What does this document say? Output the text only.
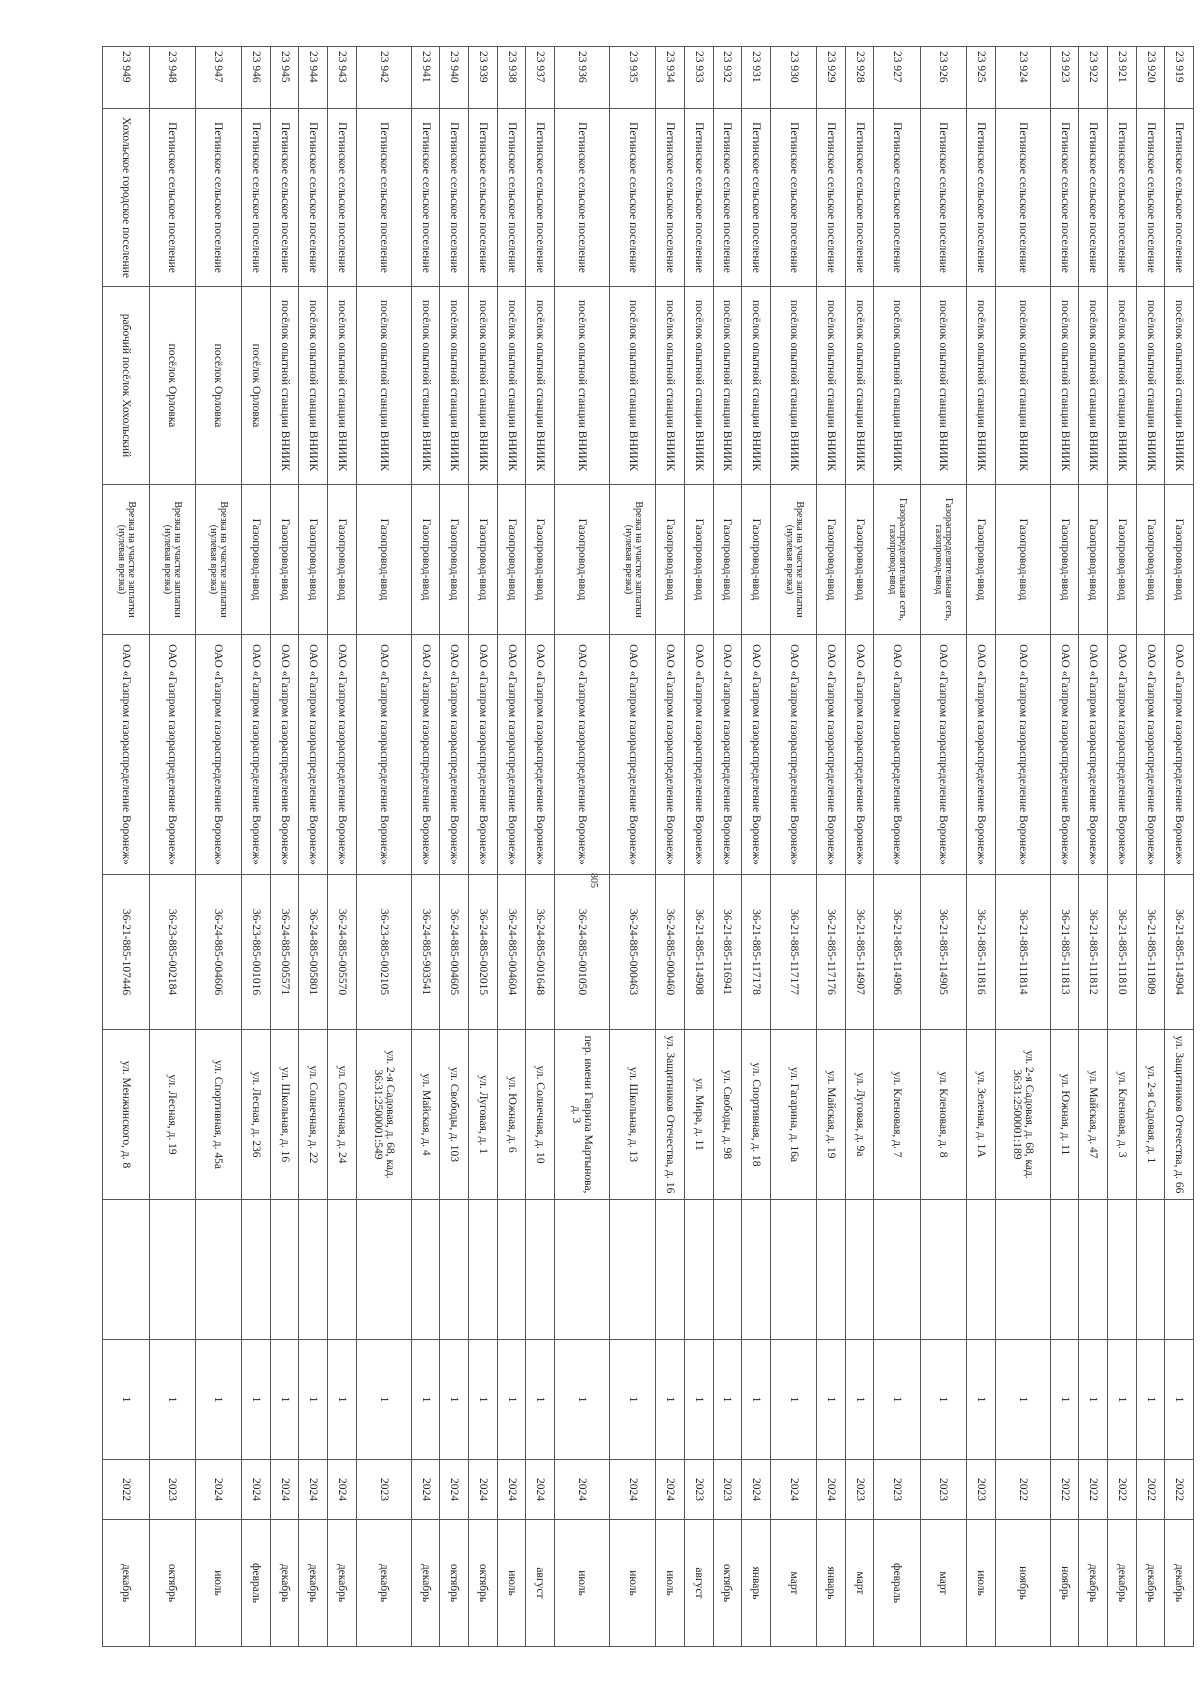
805
23 919	Петинское сельское поселение	посёлок опытной станции ВНИИК	Газопровод-ввод	ОАО «Газпром газораспределение Воронеж»	36-21-885-114904	ул. Защитников Отечества, д. 66		1	2022	декабрь
23 920	Петинское сельское поселение	посёлок опытной станции ВНИИК	Газопровод-ввод	ОАО «Газпром газораспределение Воронеж»	36-21-885-111809	ул. 2-я Садовая, д. 1		1	2022	декабрь
23 921	Петинское сельское поселение	посёлок опытной станции ВНИИК	Газопровод-ввод	ОАО «Газпром газораспределение Воронеж»	36-21-885-111810	ул. Кленовая, д. 3		1	2022	декабрь
23 922	Петинское сельское поселение	посёлок опытной станции ВНИИК	Газопровод-ввод	ОАО «Газпром газораспределение Воронеж»	36-21-885-111812	ул. Майская, д. 47		1	2022	декабрь
23 923	Петинское сельское поселение	посёлок опытной станции ВНИИК	Газопровод-ввод	ОАО «Газпром газораспределение Воронеж»	36-21-885-111813	ул. Южная, д. 11		1	2022	ноябрь
23 924	Петинское сельское поселение	посёлок опытной станции ВНИИК	Газопровод-ввод	ОАО «Газпром газораспределение Воронеж»	36-21-885-111814	ул. 2-я Садовая, д. 68, кад. 36:31:2500001:189		1	2022	ноябрь
23 925	Петинское сельское поселение	посёлок опытной станции ВНИИК	Газопровод-ввод	ОАО «Газпром газораспределение Воронеж»	36-21-885-111816	ул. Зеленая, д. 1А		1	2023	июль
23 926	Петинское сельское поселение	посёлок опытной станции ВНИИК	Газораспределительная сеть, газопровод-ввод	ОАО «Газпром газораспределение Воронеж»	36-21-885-114905	ул. Кленовая, д. 8		1	2023	март
23 927	Петинское сельское поселение	посёлок опытной станции ВНИИК	Газораспределительная сеть, газопровод-ввод	ОАО «Газпром газораспределение Воронеж»	36-21-885-114906	ул. Кленовая, д. 7		1	2023	февраль
23 928	Петинское сельское поселение	посёлок опытной станции ВНИИК	Газопровод-ввод	ОАО «Газпром газораспределение Воронеж»	36-21-885-114907	ул. Луговая, д. 9а		1	2023	март
23 929	Петинское сельское поселение	посёлок опытной станции ВНИИК	Газопровод-ввод	ОАО «Газпром газораспределение Воронеж»	36-21-885-117176	ул. Майская, д. 19		1	2024	январь
23 930	Петинское сельское поселение	посёлок опытной станции ВНИИК	Врезка на участке заплатки (нулевая врезка)	ОАО «Газпром газораспределение Воронеж»	36-21-885-117177	ул. Гагарина, д. 16а		1	2024	март
23 931	Петинское сельское поселение	посёлок опытной станции ВНИИК	Газопровод-ввод	ОАО «Газпром газораспределение Воронеж»	36-21-885-117178	ул. Спортивная, д. 18		1	2024	январь
23 932	Петинское сельское поселение	посёлок опытной станции ВНИИК	Газопровод-ввод	ОАО «Газпром газораспределение Воронеж»	36-21-885-116941	ул. Свободы, д. 98		1	2023	октябрь
23 933	Петинское сельское поселение	посёлок опытной станции ВНИИК	Газопровод-ввод	ОАО «Газпром газораспределение Воронеж»	36-21-885-114908	ул. Мира, д. 11		1	2023	август
23 934	Петинское сельское поселение	посёлок опытной станции ВНИИК	Газопровод-ввод	ОАО «Газпром газораспределение Воронеж»	36-24-885-000460	ул. Защитников Отечества, д. 16		1	2024	июль
23 935	Петинское сельское поселение	посёлок опытной станции ВНИИК	Врезка на участке заплатки (нулевая врезка)	ОАО «Газпром газораспределение Воронеж»	36-24-885-000463	ул. Школьная, д. 13		1	2024	июль
23 936	Петинское сельское поселение	посёлок опытной станции ВНИИК	Газопровод-ввод	ОАО «Газпром газораспределение Воронеж»	36-24-885-001050	пер. имени Гаврила Мартынова, д. 3		1	2024	июль
23 937	Петинское сельское поселение	посёлок опытной станции ВНИИК	Газопровод-ввод	ОАО «Газпром газораспределение Воронеж»	36-24-885-001648	ул. Солнечная, д. 10		1	2024	август
23 938	Петинское сельское поселение	посёлок опытной станции ВНИИК	Газопровод-ввод	ОАО «Газпром газораспределение Воронеж»	36-24-885-004604	ул. Южная, д. 6		1	2024	июль
23 939	Петинское сельское поселение	посёлок опытной станции ВНИИК	Газопровод-ввод	ОАО «Газпром газораспределение Воронеж»	36-24-885-002015	ул. Луговая, д. 1		1	2024	октябрь
23 940	Петинское сельское поселение	посёлок опытной станции ВНИИК	Газопровод-ввод	ОАО «Газпром газораспределение Воронеж»	36-24-885-004605	ул. Свободы, д. 103		1	2024	октябрь
23 941	Петинское сельское поселение	посёлок опытной станции ВНИИК	Газопровод-ввод	ОАО «Газпром газораспределение Воронеж»	36-24-885-903541	ул. Майская, д. 4		1	2024	декабрь
23 942	Петинское сельское поселение	посёлок опытной станции ВНИИК	Газопровод-ввод	ОАО «Газпром газораспределение Воронеж»	36-23-885-002105	ул. 2-я Садовая, д. 68, кад. 36:31:2500001:549		1	2023	декабрь
23 943	Петинское сельское поселение	посёлок опытной станции ВНИИК	Газопровод-ввод	ОАО «Газпром газораспределение Воронеж»	36-24-885-005570	ул. Солнечная, д. 24		1	2024	декабрь
23 944	Петинское сельское поселение	посёлок опытной станции ВНИИК	Газопровод-ввод	ОАО «Газпром газораспределение Воронеж»	36-24-885-005801	ул. Солнечная, д. 22		1	2024	декабрь
23 945	Петинское сельское поселение	посёлок опытной станции ВНИИК	Газопровод-ввод	ОАО «Газпром газораспределение Воронеж»	36-24-885-005571	ул. Школьная, д. 16		1	2024	декабрь
23 946	Петинское сельское поселение	посёлок Орловка	Газопровод-ввод	ОАО «Газпром газораспределение Воронеж»	36-23-885-001016	ул. Лесная, д. 236		1	2024	февраль
23 947	Петинское сельское поселение	посёлок Орловка	Врезка на участке заплатки (нулевая врезка)	ОАО «Газпром газораспределение Воронеж»	36-24-885-004606	ул. Спортивная, д. 45а		1	2024	июль
23 948	Петинское сельское поселение	посёлок Орловка	Врезка на участке заплатки (нулевая врезка)	ОАО «Газпром газораспределение Воронеж»	36-23-885-002184	ул. Лесная, д. 19		1	2023	октябрь
23 949	Хохольское городское поселение	рабочий посёлок Хохольский	Врезка на участке заплатки (нулевая врезка)	ОАО «Газпром газораспределение Воронеж»	36-21-885-107446	ул. Менжинского, д. 8		1	2022	декабрь
